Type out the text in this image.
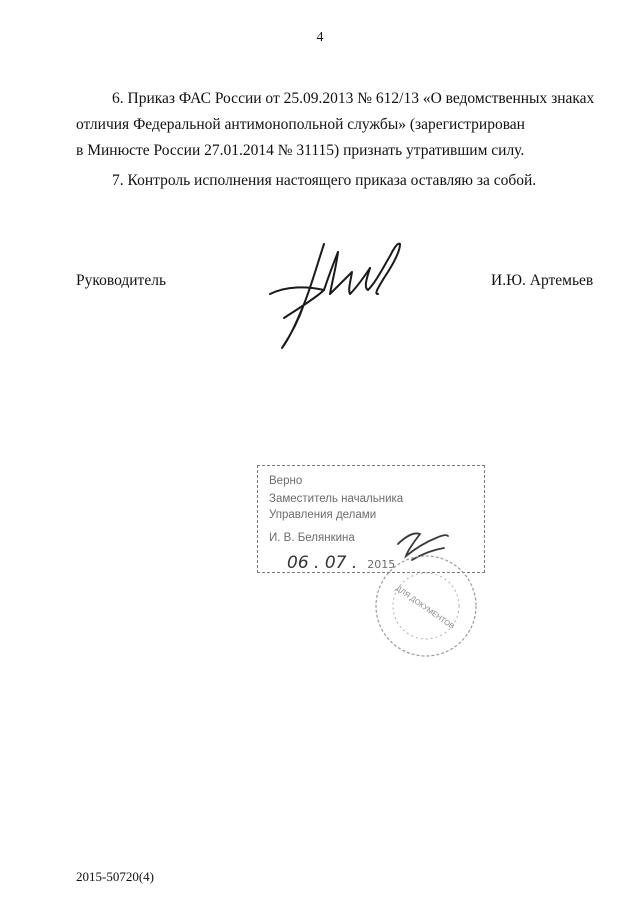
4
6. Приказ ФАС России от 25.09.2013 № 612/13 «О ведомственных знаках
отличия Федеральной антимонопольной службы» (зарегистрирован
в Минюсте России 27.01.2014 № 31115) признать утратившим силу.
7. Контроль исполнения настоящего приказа оставляю за собой.
Руководитель	И.Ю. Артемьев
Верно
Заместитель начальника
Управления делами
И. В. Белянкина
06 . 07 . 2015
ДЛЯ ДОКУМЕНТОВ
2015-50720(4)
